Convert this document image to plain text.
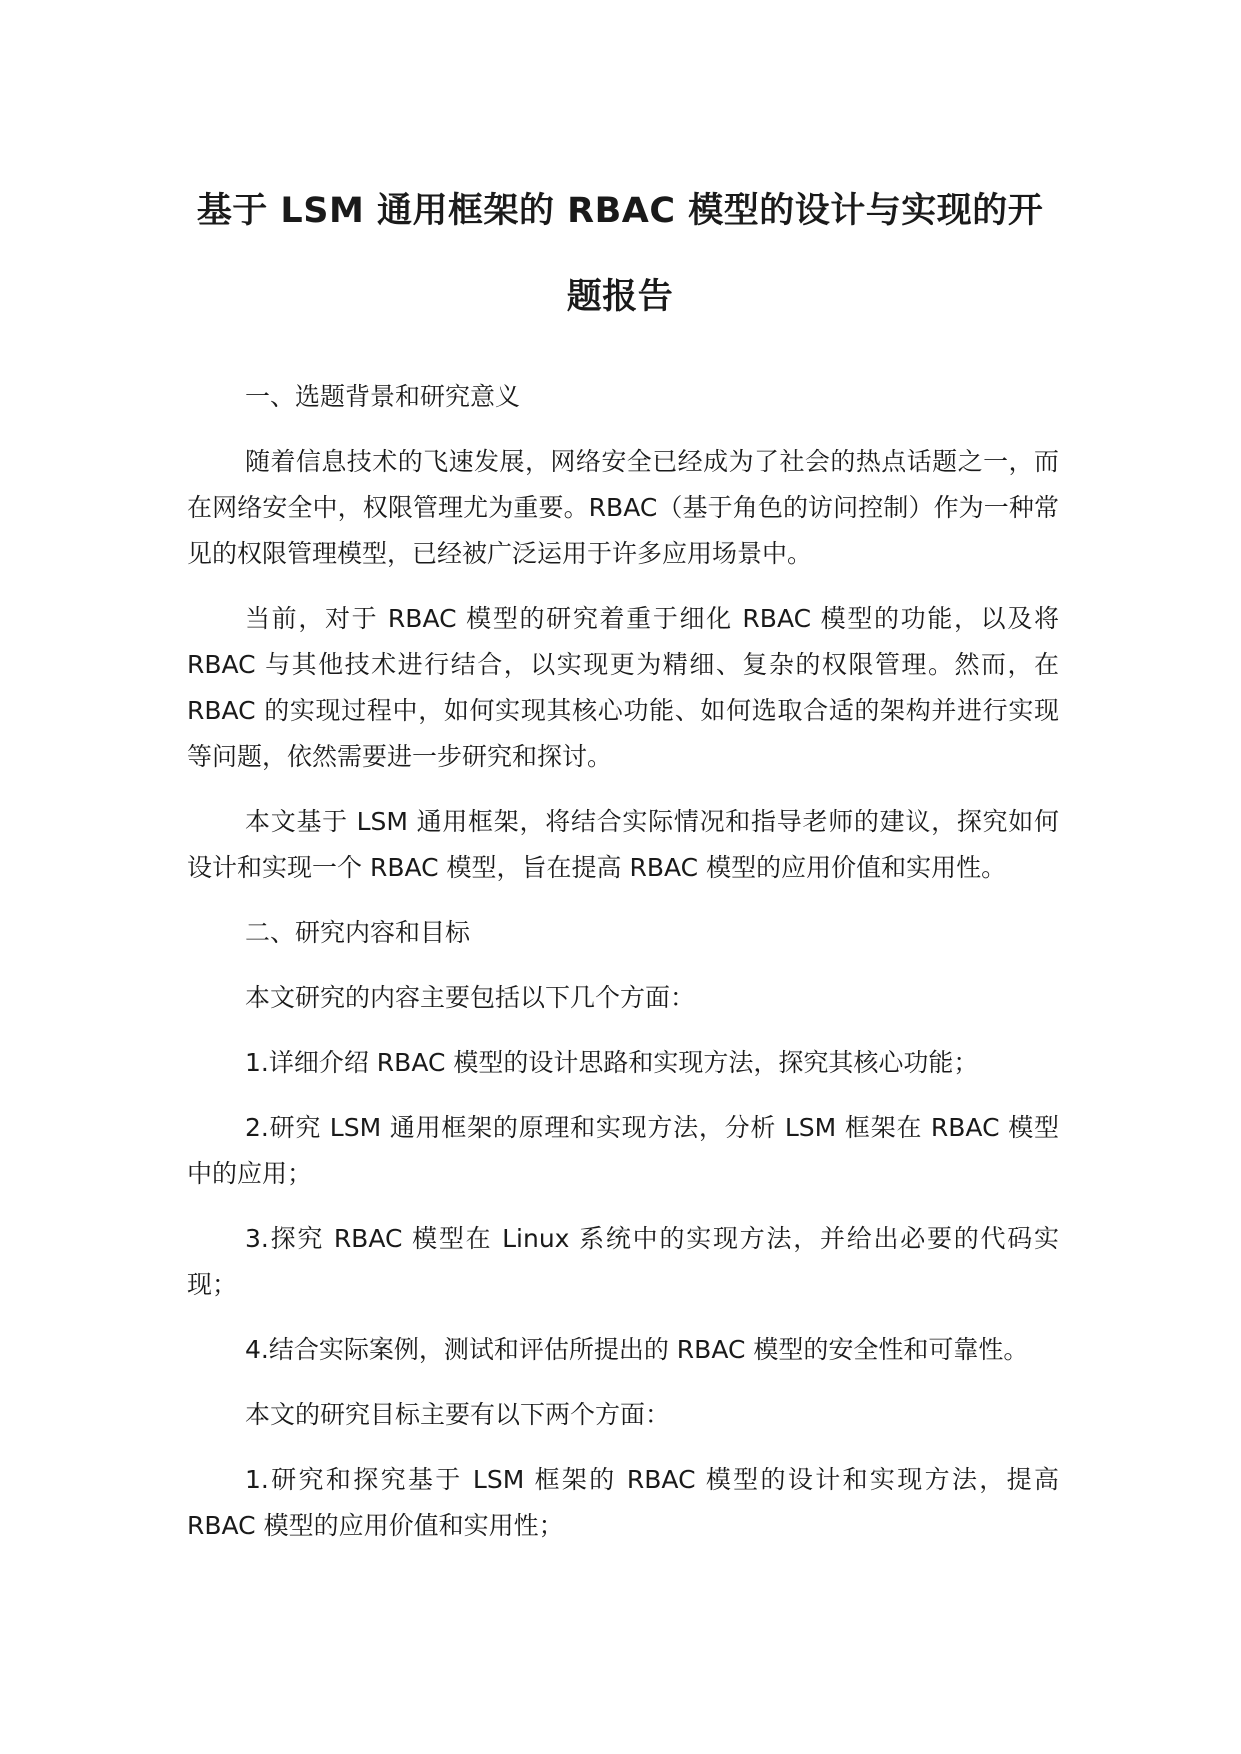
基于 LSM 通用框架的 RBAC 模型的设计与实现的开题报告

一、选题背景和研究意义

随着信息技术的飞速发展，网络安全已经成为了社会的热点话题之一，而在网络安全中，权限管理尤为重要。RBAC（基于角色的访问控制）作为一种常见的权限管理模型，已经被广泛运用于许多应用场景中。

当前，对于 RBAC 模型的研究着重于细化 RBAC 模型的功能，以及将 RBAC 与其他技术进行结合，以实现更为精细、复杂的权限管理。然而，在 RBAC 的实现过程中，如何实现其核心功能、如何选取合适的架构并进行实现等问题，依然需要进一步研究和探讨。

本文基于 LSM 通用框架，将结合实际情况和指导老师的建议，探究如何设计和实现一个 RBAC 模型，旨在提高 RBAC 模型的应用价值和实用性。

二、研究内容和目标

本文研究的内容主要包括以下几个方面：

1.详细介绍 RBAC 模型的设计思路和实现方法，探究其核心功能；

2.研究 LSM 通用框架的原理和实现方法，分析 LSM 框架在 RBAC 模型中的应用；

3.探究 RBAC 模型在 Linux 系统中的实现方法，并给出必要的代码实现；

4.结合实际案例，测试和评估所提出的 RBAC 模型的安全性和可靠性。

本文的研究目标主要有以下两个方面：

1.研究和探究基于 LSM 框架的 RBAC 模型的设计和实现方法，提高 RBAC 模型的应用价值和实用性；
